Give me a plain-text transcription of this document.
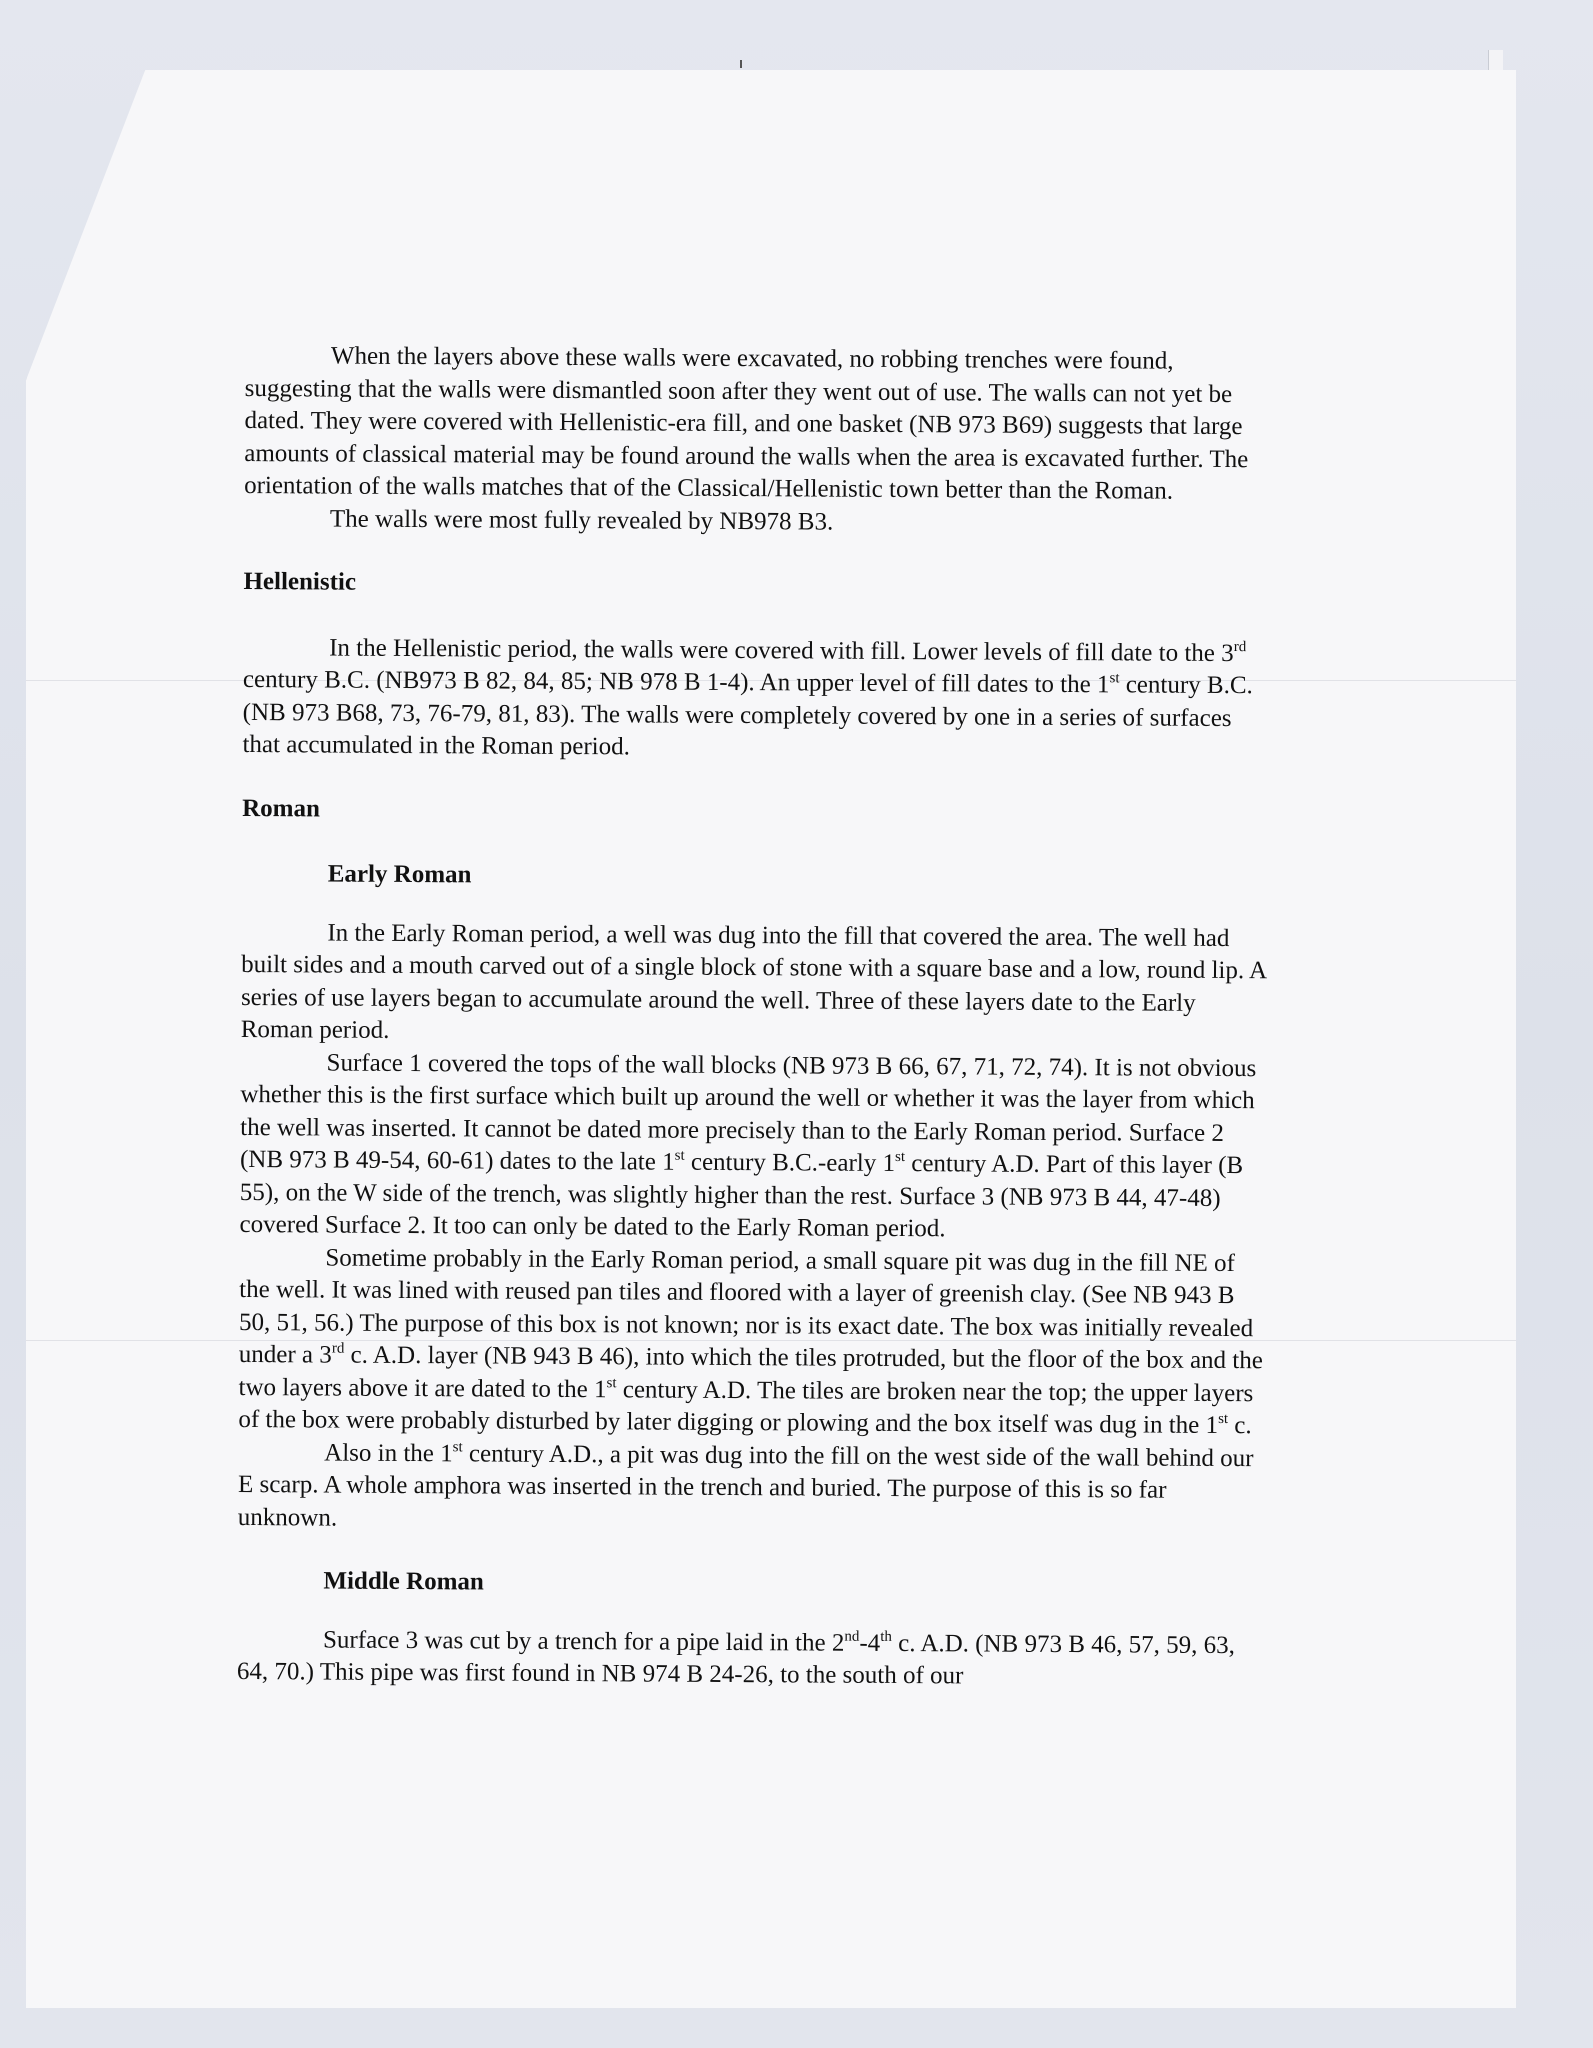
When the layers above these walls were excavated, no robbing trenches were found, suggesting that the walls were dismantled soon after they went out of use. The walls can not yet be dated. They were covered with Hellenistic-era fill, and one basket (NB 973 B69) suggests that large amounts of classical material may be found around the walls when the area is excavated further. The orientation of the walls matches that of the Classical/Hellenistic town better than the Roman.

The walls were most fully revealed by NB978 B3.

Hellenistic

In the Hellenistic period, the walls were covered with fill. Lower levels of fill date to the 3rd century B.C. (NB973 B 82, 84, 85; NB 978 B 1-4). An upper level of fill dates to the 1st century B.C. (NB 973 B68, 73, 76-79, 81, 83). The walls were completely covered by one in a series of surfaces that accumulated in the Roman period.

Roman

Early Roman

In the Early Roman period, a well was dug into the fill that covered the area. The well had built sides and a mouth carved out of a single block of stone with a square base and a low, round lip. A series of use layers began to accumulate around the well. Three of these layers date to the Early Roman period.

Surface 1 covered the tops of the wall blocks (NB 973 B 66, 67, 71, 72, 74). It is not obvious whether this is the first surface which built up around the well or whether it was the layer from which the well was inserted. It cannot be dated more precisely than to the Early Roman period. Surface 2 (NB 973 B 49-54, 60-61) dates to the late 1st century B.C.-early 1st century A.D. Part of this layer (B 55), on the W side of the trench, was slightly higher than the rest. Surface 3 (NB 973 B 44, 47-48) covered Surface 2. It too can only be dated to the Early Roman period.

Sometime probably in the Early Roman period, a small square pit was dug in the fill NE of the well. It was lined with reused pan tiles and floored with a layer of greenish clay. (See NB 943 B 50, 51, 56.) The purpose of this box is not known; nor is its exact date. The box was initially revealed under a 3rd c. A.D. layer (NB 943 B 46), into which the tiles protruded, but the floor of the box and the two layers above it are dated to the 1st century A.D. The tiles are broken near the top; the upper layers of the box were probably disturbed by later digging or plowing and the box itself was dug in the 1st c.

Also in the 1st century A.D., a pit was dug into the fill on the west side of the wall behind our E scarp. A whole amphora was inserted in the trench and buried. The purpose of this is so far unknown.

Middle Roman

Surface 3 was cut by a trench for a pipe laid in the 2nd-4th c. A.D. (NB 973 B 46, 57, 59, 63, 64, 70.) This pipe was first found in NB 974 B 24-26, to the south of our
